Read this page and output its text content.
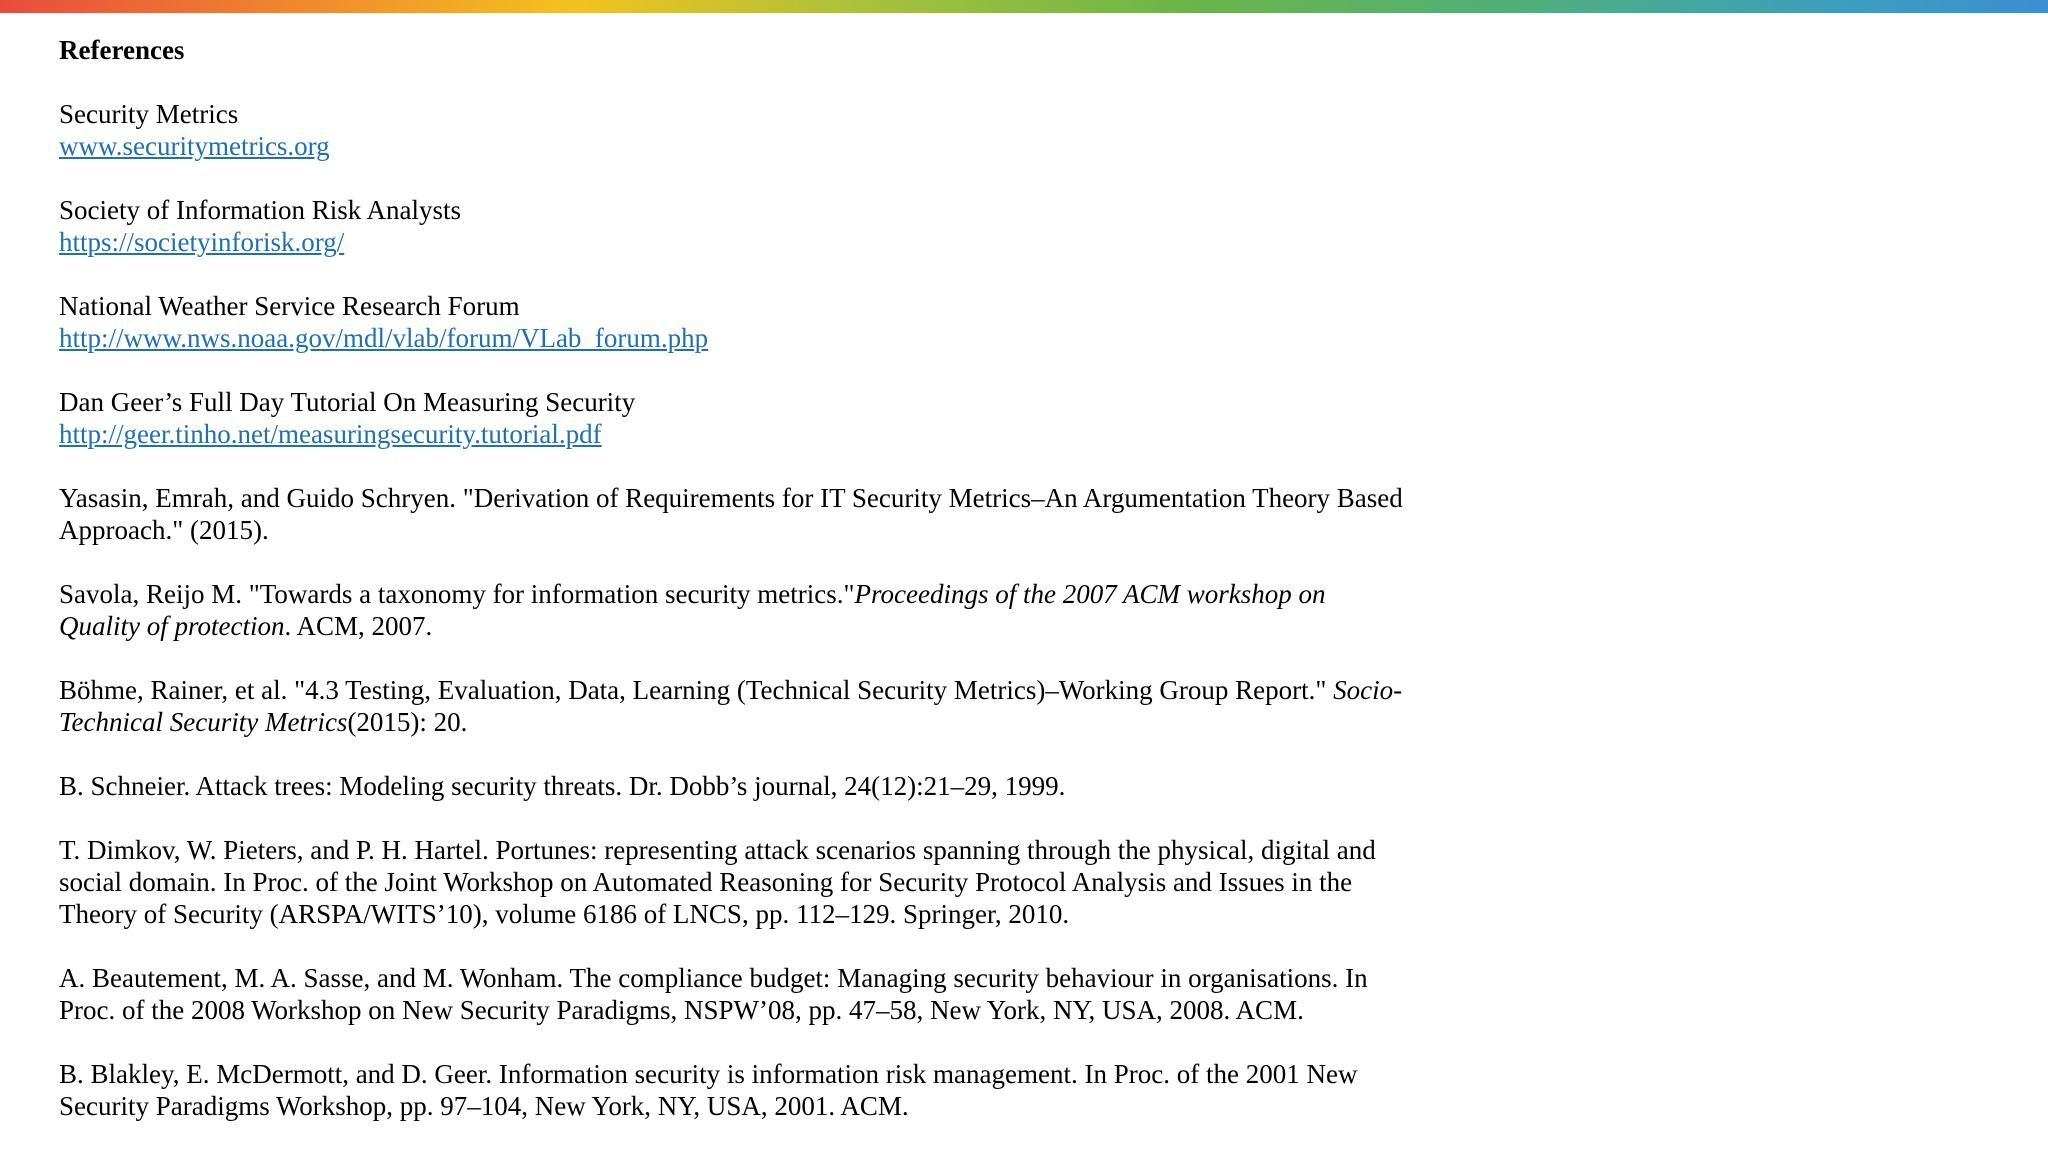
References
Security Metrics
www.securitymetrics.org
Society of Information Risk Analysts
https://societyinforisk.org/
National Weather Service Research Forum
http://www.nws.noaa.gov/mdl/vlab/forum/VLab_forum.php
Dan Geer’s Full Day Tutorial On Measuring Security
http://geer.tinho.net/measuringsecurity.tutorial.pdf
Yasasin, Emrah, and Guido Schryen. "Derivation of Requirements for IT Security Metrics–An Argumentation Theory Based
Approach." (2015).
Savola, Reijo M. "Towards a taxonomy for information security metrics."Proceedings of the 2007 ACM workshop on
Quality of protection. ACM, 2007.
Böhme, Rainer, et al. "4.3 Testing, Evaluation, Data, Learning (Technical Security Metrics)–Working Group Report." Socio-
Technical Security Metrics(2015): 20.
B. Schneier. Attack trees: Modeling security threats. Dr. Dobb’s journal, 24(12):21–29, 1999.
T. Dimkov, W. Pieters, and P. H. Hartel. Portunes: representing attack scenarios spanning through the physical, digital and
social domain. In Proc. of the Joint Workshop on Automated Reasoning for Security Protocol Analysis and Issues in the
Theory of Security (ARSPA/WITS’10), volume 6186 of LNCS, pp. 112–129. Springer, 2010.
A. Beautement, M. A. Sasse, and M. Wonham. The compliance budget: Managing security behaviour in organisations. In
Proc. of the 2008 Workshop on New Security Paradigms, NSPW’08, pp. 47–58, New York, NY, USA, 2008. ACM.
B. Blakley, E. McDermott, and D. Geer. Information security is information risk management. In Proc. of the 2001 New
Security Paradigms Workshop, pp. 97–104, New York, NY, USA, 2001. ACM.
